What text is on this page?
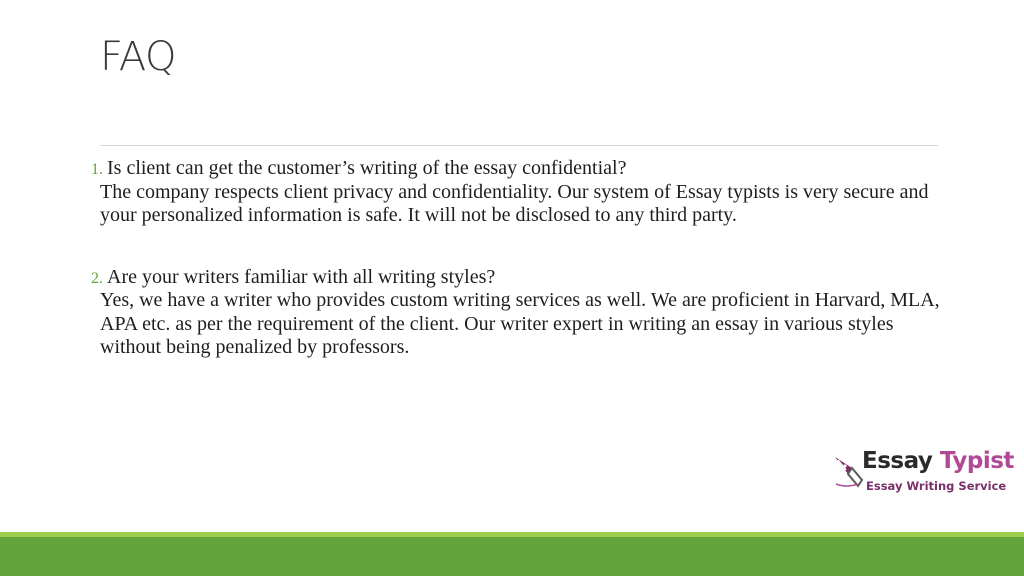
FAQ
1. Is client can get the customer’s writing of the essay confidential?
The company respects client privacy and confidentiality. Our system of Essay typists is very secure and your personalized information is safe. It will not be disclosed to any third party.
2. Are your writers familiar with all writing styles?
Yes, we have a writer who provides custom writing services as well. We are proficient in Harvard, MLA, APA etc. as per the requirement of the client. Our writer expert in writing an essay in various styles without being penalized by professors.
Essay Typist
Essay Writing Service
